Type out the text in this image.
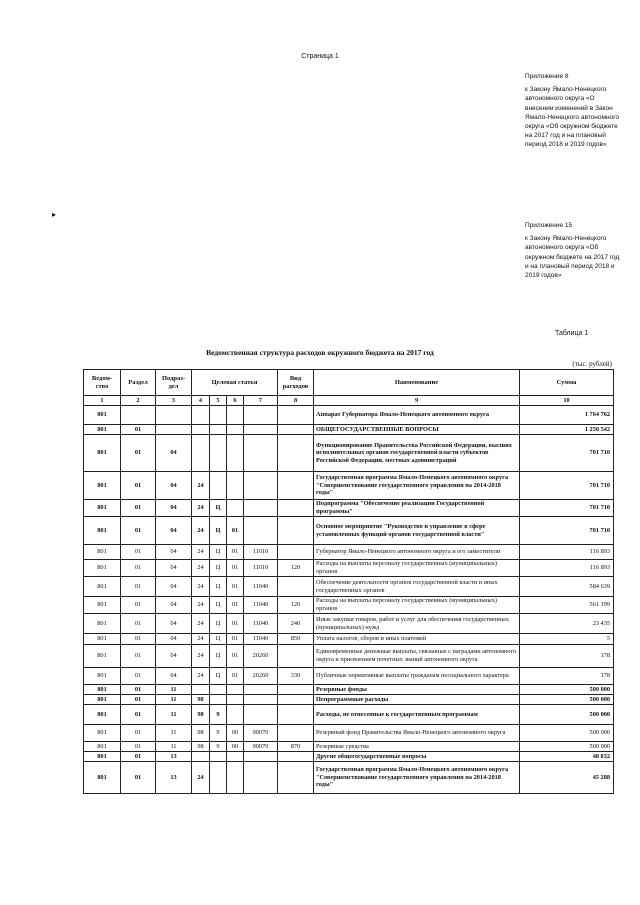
Страница 1
Приложение 8
к Закону Ямало-Ненецкого автономного округа «О внесении изменений в Закон Ямало-Ненецкого автономного округа «Об окружном бюджете на 2017 год и на плановый период 2018 и 2019 годов»
Приложение 15
к Закону Ямало-Ненецкого автономного округа «Об окружном бюджете на 2017 год и на плановый период 2018 и 2019 годов»
▸
Таблица 1
Ведомственная структура расходов окружного бюджета на 2017 год
(тыс. рублей)
Ведом-ство	Раздел	Подраз-дел	Целевая статья				Вид расходов	Наименование	Сумма
1	2	3	4	5	6	7	8	9	10
801								Аппарат Губернатора Ямало-Ненецкого автономного округа	1 764 762
801	01							ОБЩЕГОСУДАРСТВЕННЫЕ ВОПРОСЫ	1 250 542
801	01	04						Функционирование Правительства Российской Федерации, высших исполнительных органов государственной власти субъектов Российской Федерации, местных администраций	701 710
801	01	04	24					Государственная программа Ямало-Ненецкого автономного округа "Совершенствование государственного управления на 2014-2018 годы"	701 710
801	01	04	24	Ц				Подпрограмма "Обеспечение реализации Государственной программы"	701 710
801	01	04	24	Ц	01			Основное мероприятие "Руководство и управление в сфере установленных функций органов государственной власти"	701 710
801	01	04	24	Ц	01	11010		Губернатор Ямало-Ненецкого автономного округа и его заместители	116 893
801	01	04	24	Ц	01	11010	120	Расходы на выплаты персоналу государственных (муниципальных) органов	116 893
801	01	04	24	Ц	01	11040		Обеспечение деятельности органов государственной власти и иных государственных органов	584 639
801	01	04	24	Ц	01	11040	120	Расходы на выплаты персоналу государственных (муниципальных) органов	561 199
801	01	04	24	Ц	01	11040	240	Иные закупки товаров, работ и услуг для обеспечения государственных (муниципальных) нужд	23 435
801	01	04	24	Ц	01	11040	850	Уплата налогов, сборов и иных платежей	5
801	01	04	24	Ц	01	20260		Единовременные денежные выплаты, связанные с наградами автономного округа и присвоением почетных званий автономного округа	178
801	01	04	24	Ц	01	20260	330	Публичные нормативные выплаты гражданам несоциального характера	178
801	01	11						Резервные фонды	500 000
801	01	11	98					Непрограммные расходы	500 000
801	01	11	98	9				Расходы, не отнесенные к государственным программам	500 000
801	01	11	98	9	00	90070		Резервный фонд Правительства Ямало-Ненецкого автономного округа	500 000
801	01	11	98	9	00	90070	870	Резервные средства	500 000
801	01	13						Другие общегосударственные вопросы	48 832
801	01	13	24					Государственная программа Ямало-Ненецкого автономного округа "Совершенствование государственного управления на 2014-2018 годы"	45 288
